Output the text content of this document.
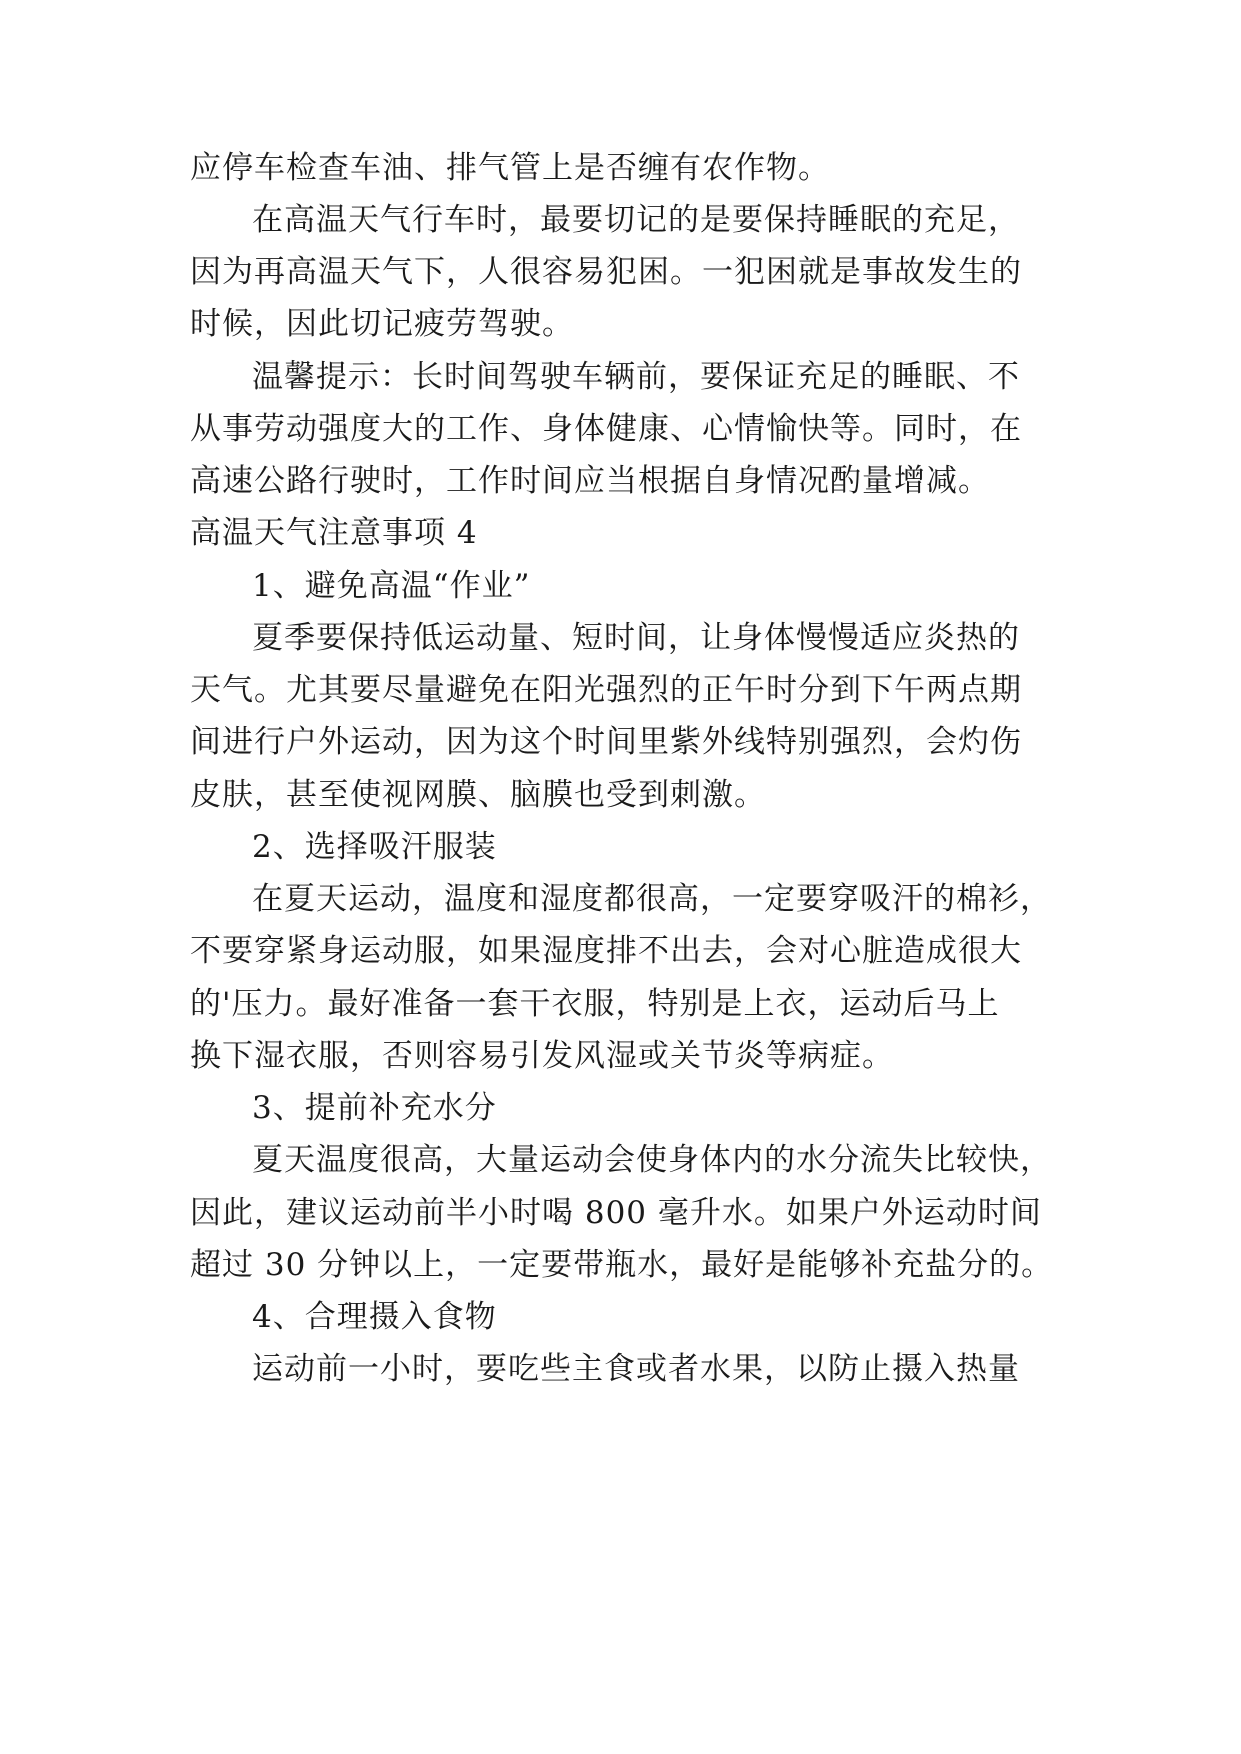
应停车检查车油、排气管上是否缠有农作物。
在高温天气行车时，最要切记的是要保持睡眠的充足，
因为再高温天气下，人很容易犯困。一犯困就是事故发生的
时候，因此切记疲劳驾驶。
温馨提示：长时间驾驶车辆前，要保证充足的睡眠、不
从事劳动强度大的工作、身体健康、心情愉快等。同时，在
高速公路行驶时，工作时间应当根据自身情况酌量增减。
高温天气注意事项 4
1、避免高温“作业”
夏季要保持低运动量、短时间，让身体慢慢适应炎热的
天气。尤其要尽量避免在阳光强烈的正午时分到下午两点期
间进行户外运动，因为这个时间里紫外线特别强烈，会灼伤
皮肤，甚至使视网膜、脑膜也受到刺激。
2、选择吸汗服装
在夏天运动，温度和湿度都很高，一定要穿吸汗的棉衫，
不要穿紧身运动服，如果湿度排不出去，会对心脏造成很大
的'压力。最好准备一套干衣服，特别是上衣，运动后马上
换下湿衣服，否则容易引发风湿或关节炎等病症。
3、提前补充水分
夏天温度很高，大量运动会使身体内的水分流失比较快，
因此，建议运动前半小时喝 800 毫升水。如果户外运动时间
超过 30 分钟以上，一定要带瓶水，最好是能够补充盐分的。
4、合理摄入食物
运动前一小时，要吃些主食或者水果，以防止摄入热量
